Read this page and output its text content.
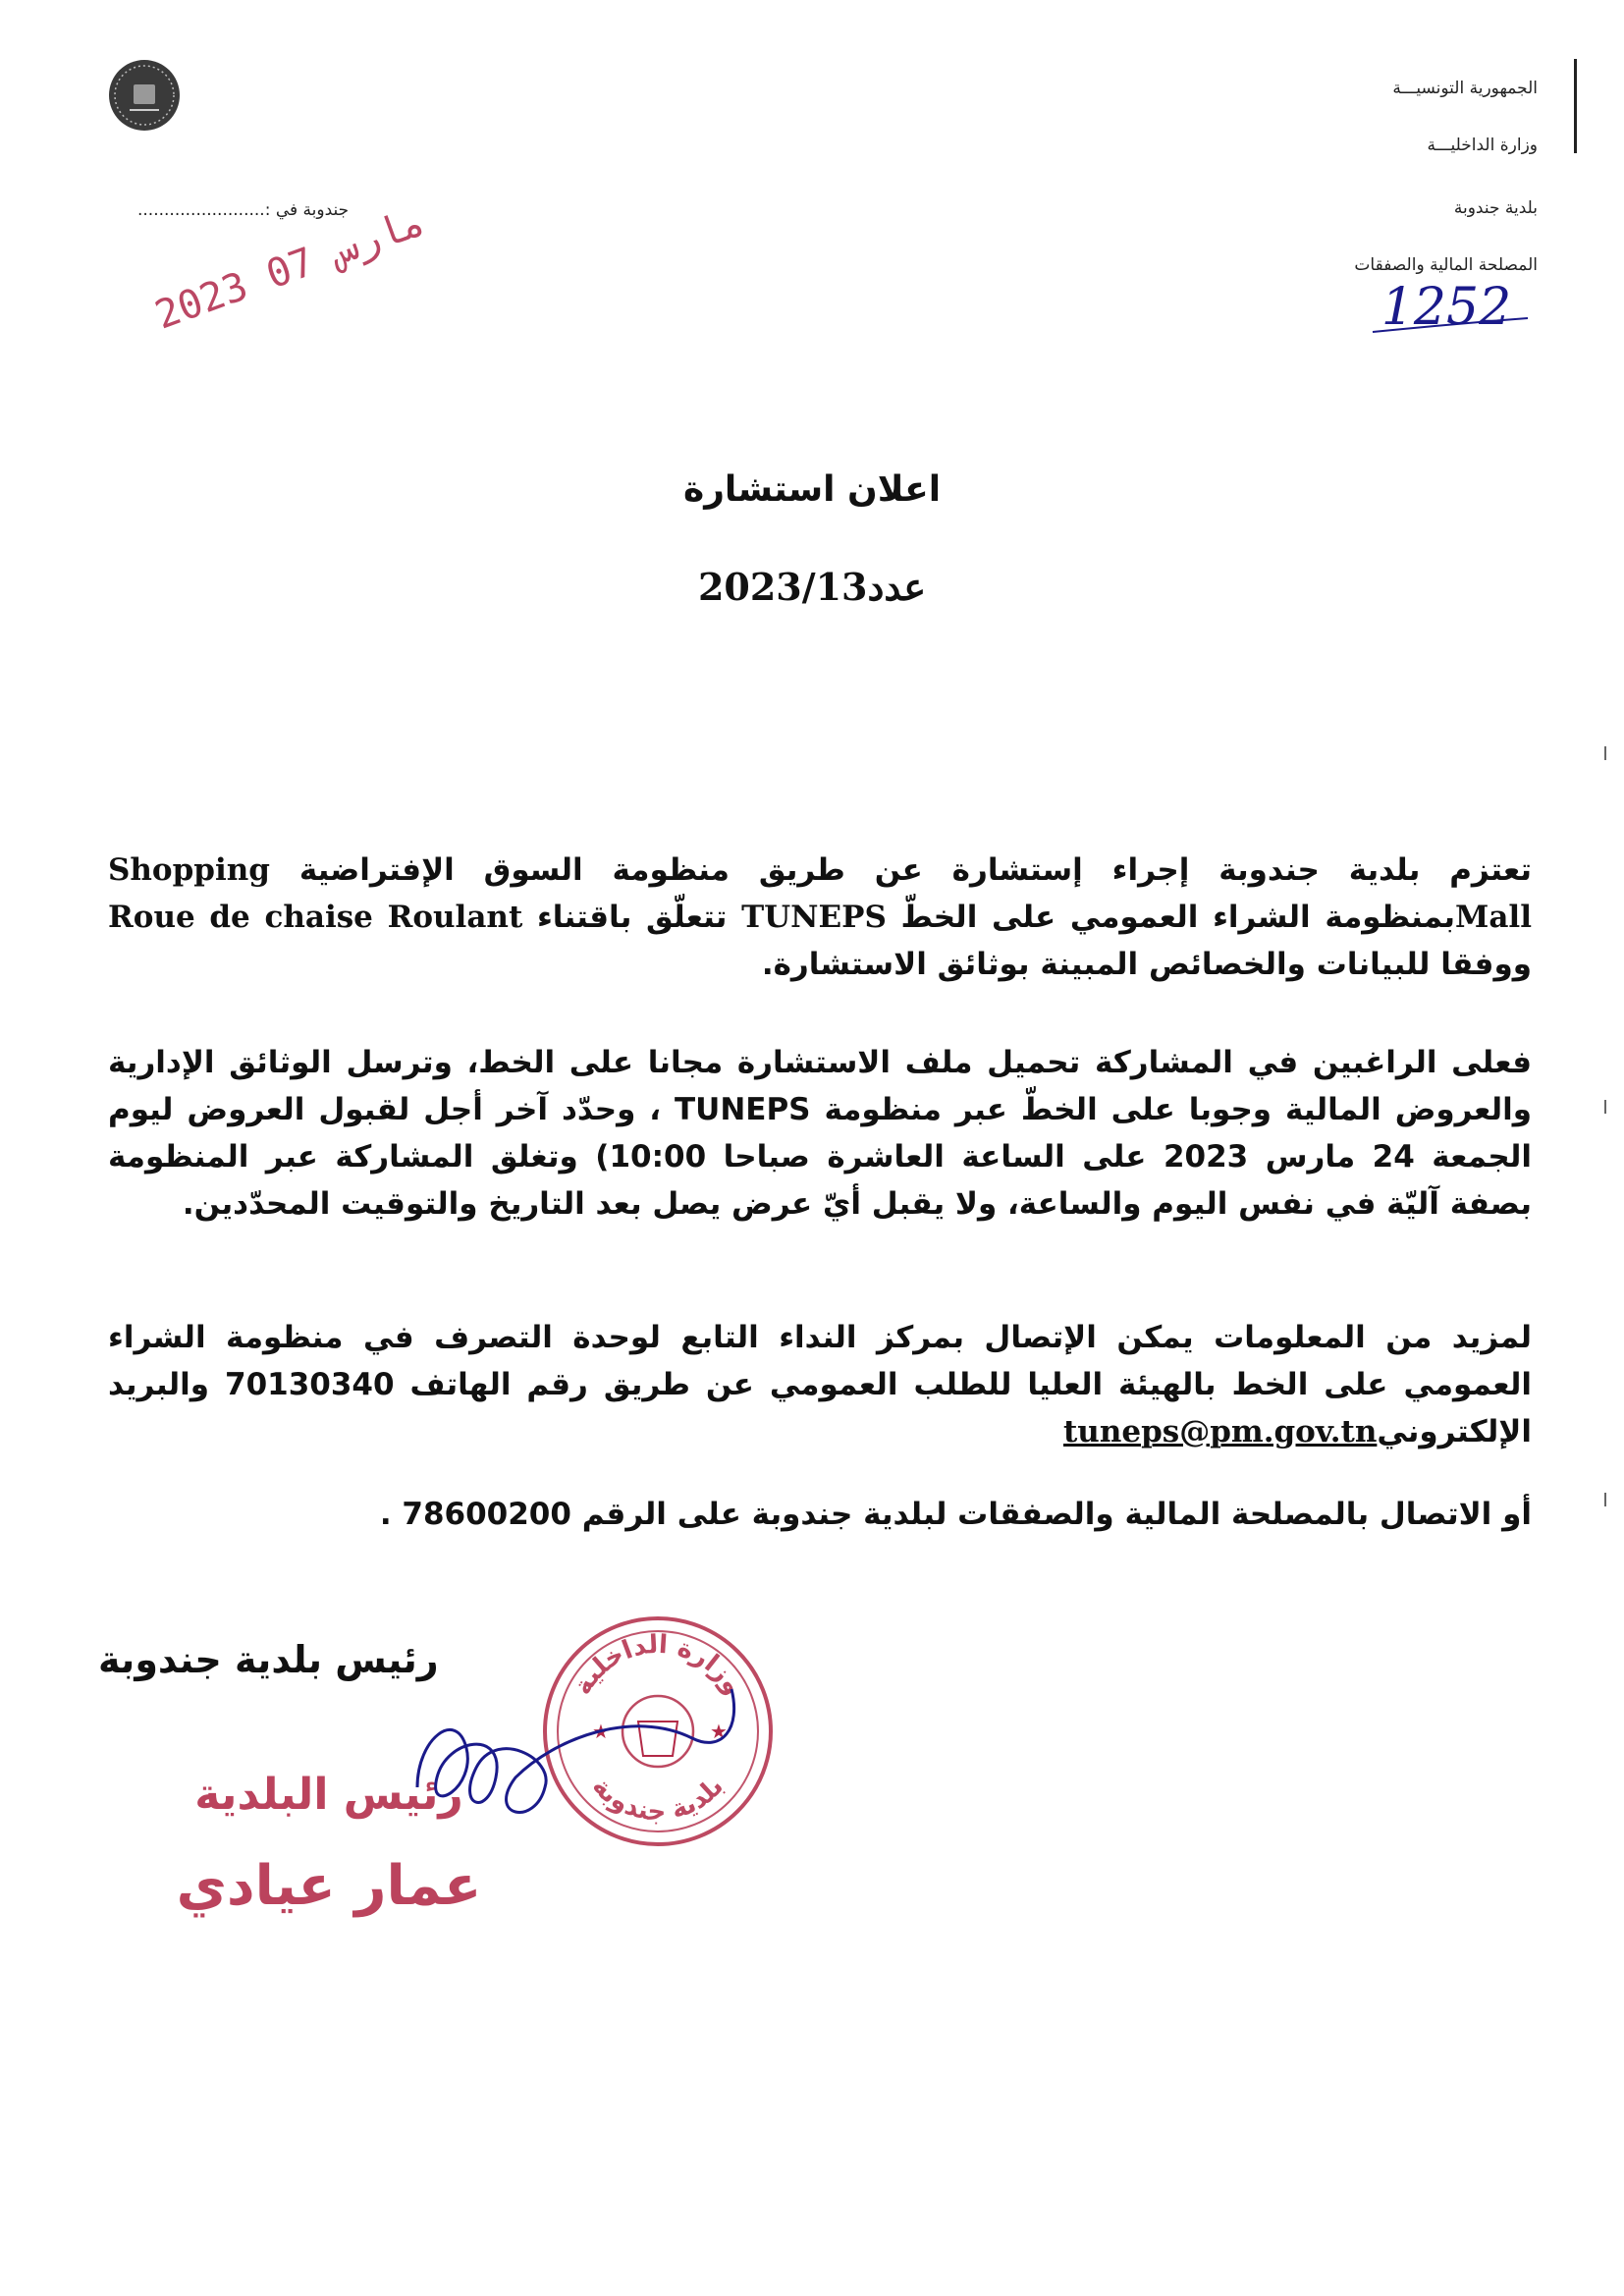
الجمهورية التونسيـــة
وزارة الداخليـــة
بلدية جندوبة
المصلحة المالية والصفقات
1252
جندوبة في :........................
2023 مارس 07
اعلان استشارة
عدد2023/13
تعتزم بلدية جندوبة إجراء إستشارة عن طريق منظومة السوق الإفتراضية Shopping Mallبمنظومة الشراء العمومي على الخطّ TUNEPS تتعلّق باقتناء Roue de chaise Roulant ووفقا للبيانات والخصائص المبينة بوثائق الاستشارة.
فعلى الراغبين في المشاركة تحميل ملف الاستشارة مجانا على الخط، وترسل الوثائق الإدارية والعروض المالية وجوبا على الخطّ عبر منظومة TUNEPS ، وحدّد آخر أجل لقبول العروض ليوم الجمعة 24 مارس 2023 على الساعة العاشرة صباحا 10:00) وتغلق المشاركة عبر المنظومة بصفة آليّة في نفس اليوم والساعة، ولا يقبل أيّ عرض يصل بعد التاريخ والتوقيت المحدّدين.
لمزيد من المعلومات يمكن الإتصال بمركز النداء التابع لوحدة التصرف في منظومة الشراء العمومي على الخط بالهيئة العليا للطلب العمومي عن طريق رقم الهاتف 70130340 والبريد الإلكترونيtuneps@pm.gov.tn
أو الاتصال بالمصلحة المالية والصفقات لبلدية جندوبة على الرقم 78600200 .
رئيس بلدية جندوبة
وزارة الداخلية
بلدية جندوبة
★	★
رئيس البلدية
عمار عيادي
